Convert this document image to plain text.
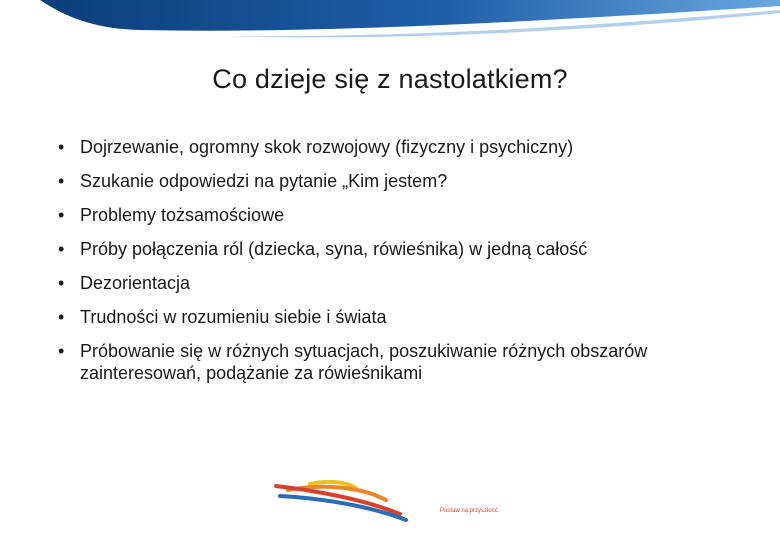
Co dzieje się z nastolatkiem?
• Dojrzewanie, ogromny skok rozwojowy (fizyczny i psychiczny)
• Szukanie odpowiedzi na pytanie „Kim jestem?
• Problemy tożsamościowe
• Próby połączenia ról (dziecka, syna, rówieśnika) w jedną całość
• Dezorientacja
• Trudności w rozumieniu siebie i świata
• Próbowanie się w różnych sytuacjach, poszukiwanie różnych obszarów zainteresowań, podążanie za rówieśnikami
Postaw na przyszłość
